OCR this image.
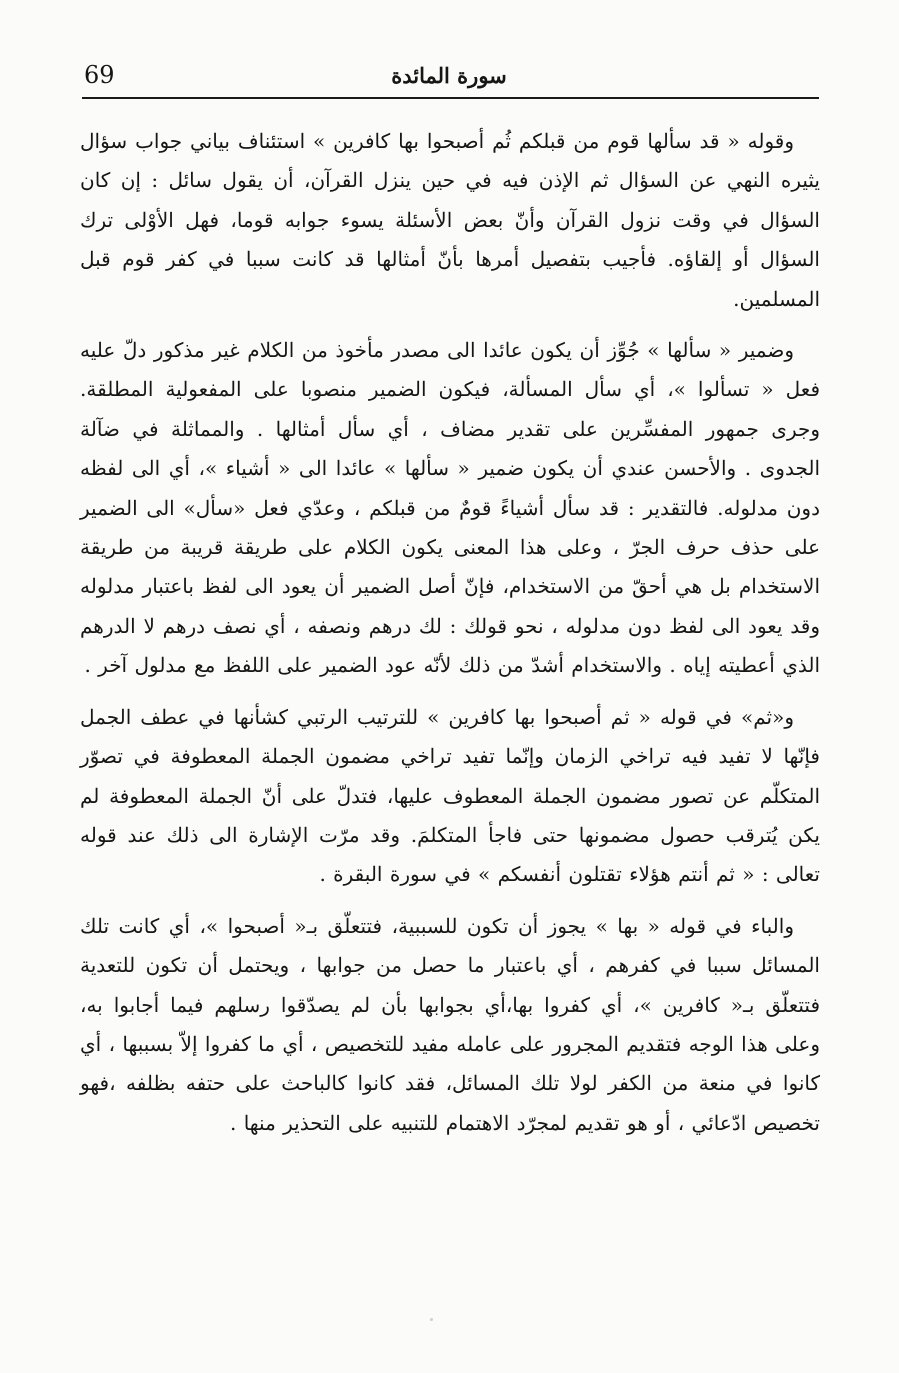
69	سورة المائدة

وقوله « قد سألها قوم من قبلكم ثُم أصبحوا بها كافرين » استئناف بياني جواب سؤال يثيره النهي عن السؤال ثم الإذن فيه في حين ينزل القرآن، أن يقول سائل : إن كان السؤال في وقت نزول القرآن وأنّ بعض الأسئلة يسوء جوابه قوما، فهل الأوْلى ترك السؤال أو إلقاؤه. فأجيب بتفصيل أمرها بأنّ أمثالها قد كانت سببا في كفر قوم قبل المسلمين.

وضمير « سألها » جُوِّز أن يكون عائدا الى مصدر مأخوذ من الكلام غير مذكور دلّ عليه فعل « تسألوا »، أي سأل المسألة، فيكون الضمير منصوبا على المفعولية المطلقة. وجرى جمهور المفسِّرين على تقدير مضاف ، أي سأل أمثالها . والمماثلة في ضآلة الجدوى . والأحسن عندي أن يكون ضمير « سألها » عائدا الى « أشياء »، أي الى لفظه دون مدلوله. فالتقدير : قد سأل أشياءً قومٌ من قبلكم ، وعدّي فعل «سأل» الى الضمير على حذف حرف الجرّ ، وعلى هذا المعنى يكون الكلام على طريقة قريبة من طريقة الاستخدام بل هي أحقّ من الاستخدام، فإنّ أصل الضمير أن يعود الى لفظ باعتبار مدلوله وقد يعود الى لفظ دون مدلوله ، نحو قولك : لك درهم ونصفه ، أي نصف درهم لا الدرهم الذي أعطيته إياه . والاستخدام أشدّ من ذلك لأنّه عود الضمير على اللفظ مع مدلول آخر .

و«ثم» في قوله « ثم أصبحوا بها كافرين » للترتيب الرتبي كشأنها في عطف الجمل فإنّها لا تفيد فيه تراخي الزمان وإنّما تفيد تراخي مضمون الجملة المعطوفة في تصوّر المتكلّم عن تصور مضمون الجملة المعطوف عليها، فتدلّ على أنّ الجملة المعطوفة لم يكن يُترقب حصول مضمونها حتى فاجأ المتكلمَ. وقد مرّت الإشارة الى ذلك عند قوله تعالى : « ثم أنتم هؤلاء تقتلون أنفسكم » في سورة البقرة .

والباء في قوله « بها » يجوز أن تكون للسببية، فتتعلّق بـ« أصبحوا »، أي كانت تلك المسائل سببا في كفرهم ، أي باعتبار ما حصل من جوابها ، ويحتمل أن تكون للتعدية فتتعلّق بـ« كافرين »، أي كفروا بها،أي بجوابها بأن لم يصدّقوا رسلهم فيما أجابوا به، وعلى هذا الوجه فتقديم المجرور على عامله مفيد للتخصيص ، أي ما كفروا إلاّ بسببها ، أي كانوا في منعة من الكفر لولا تلك المسائل، فقد كانوا كالباحث على حتفه بظلفه ،فهو تخصيص ادّعائي ، أو هو تقديم لمجرّد الاهتمام للتنبيه على التحذير منها .
